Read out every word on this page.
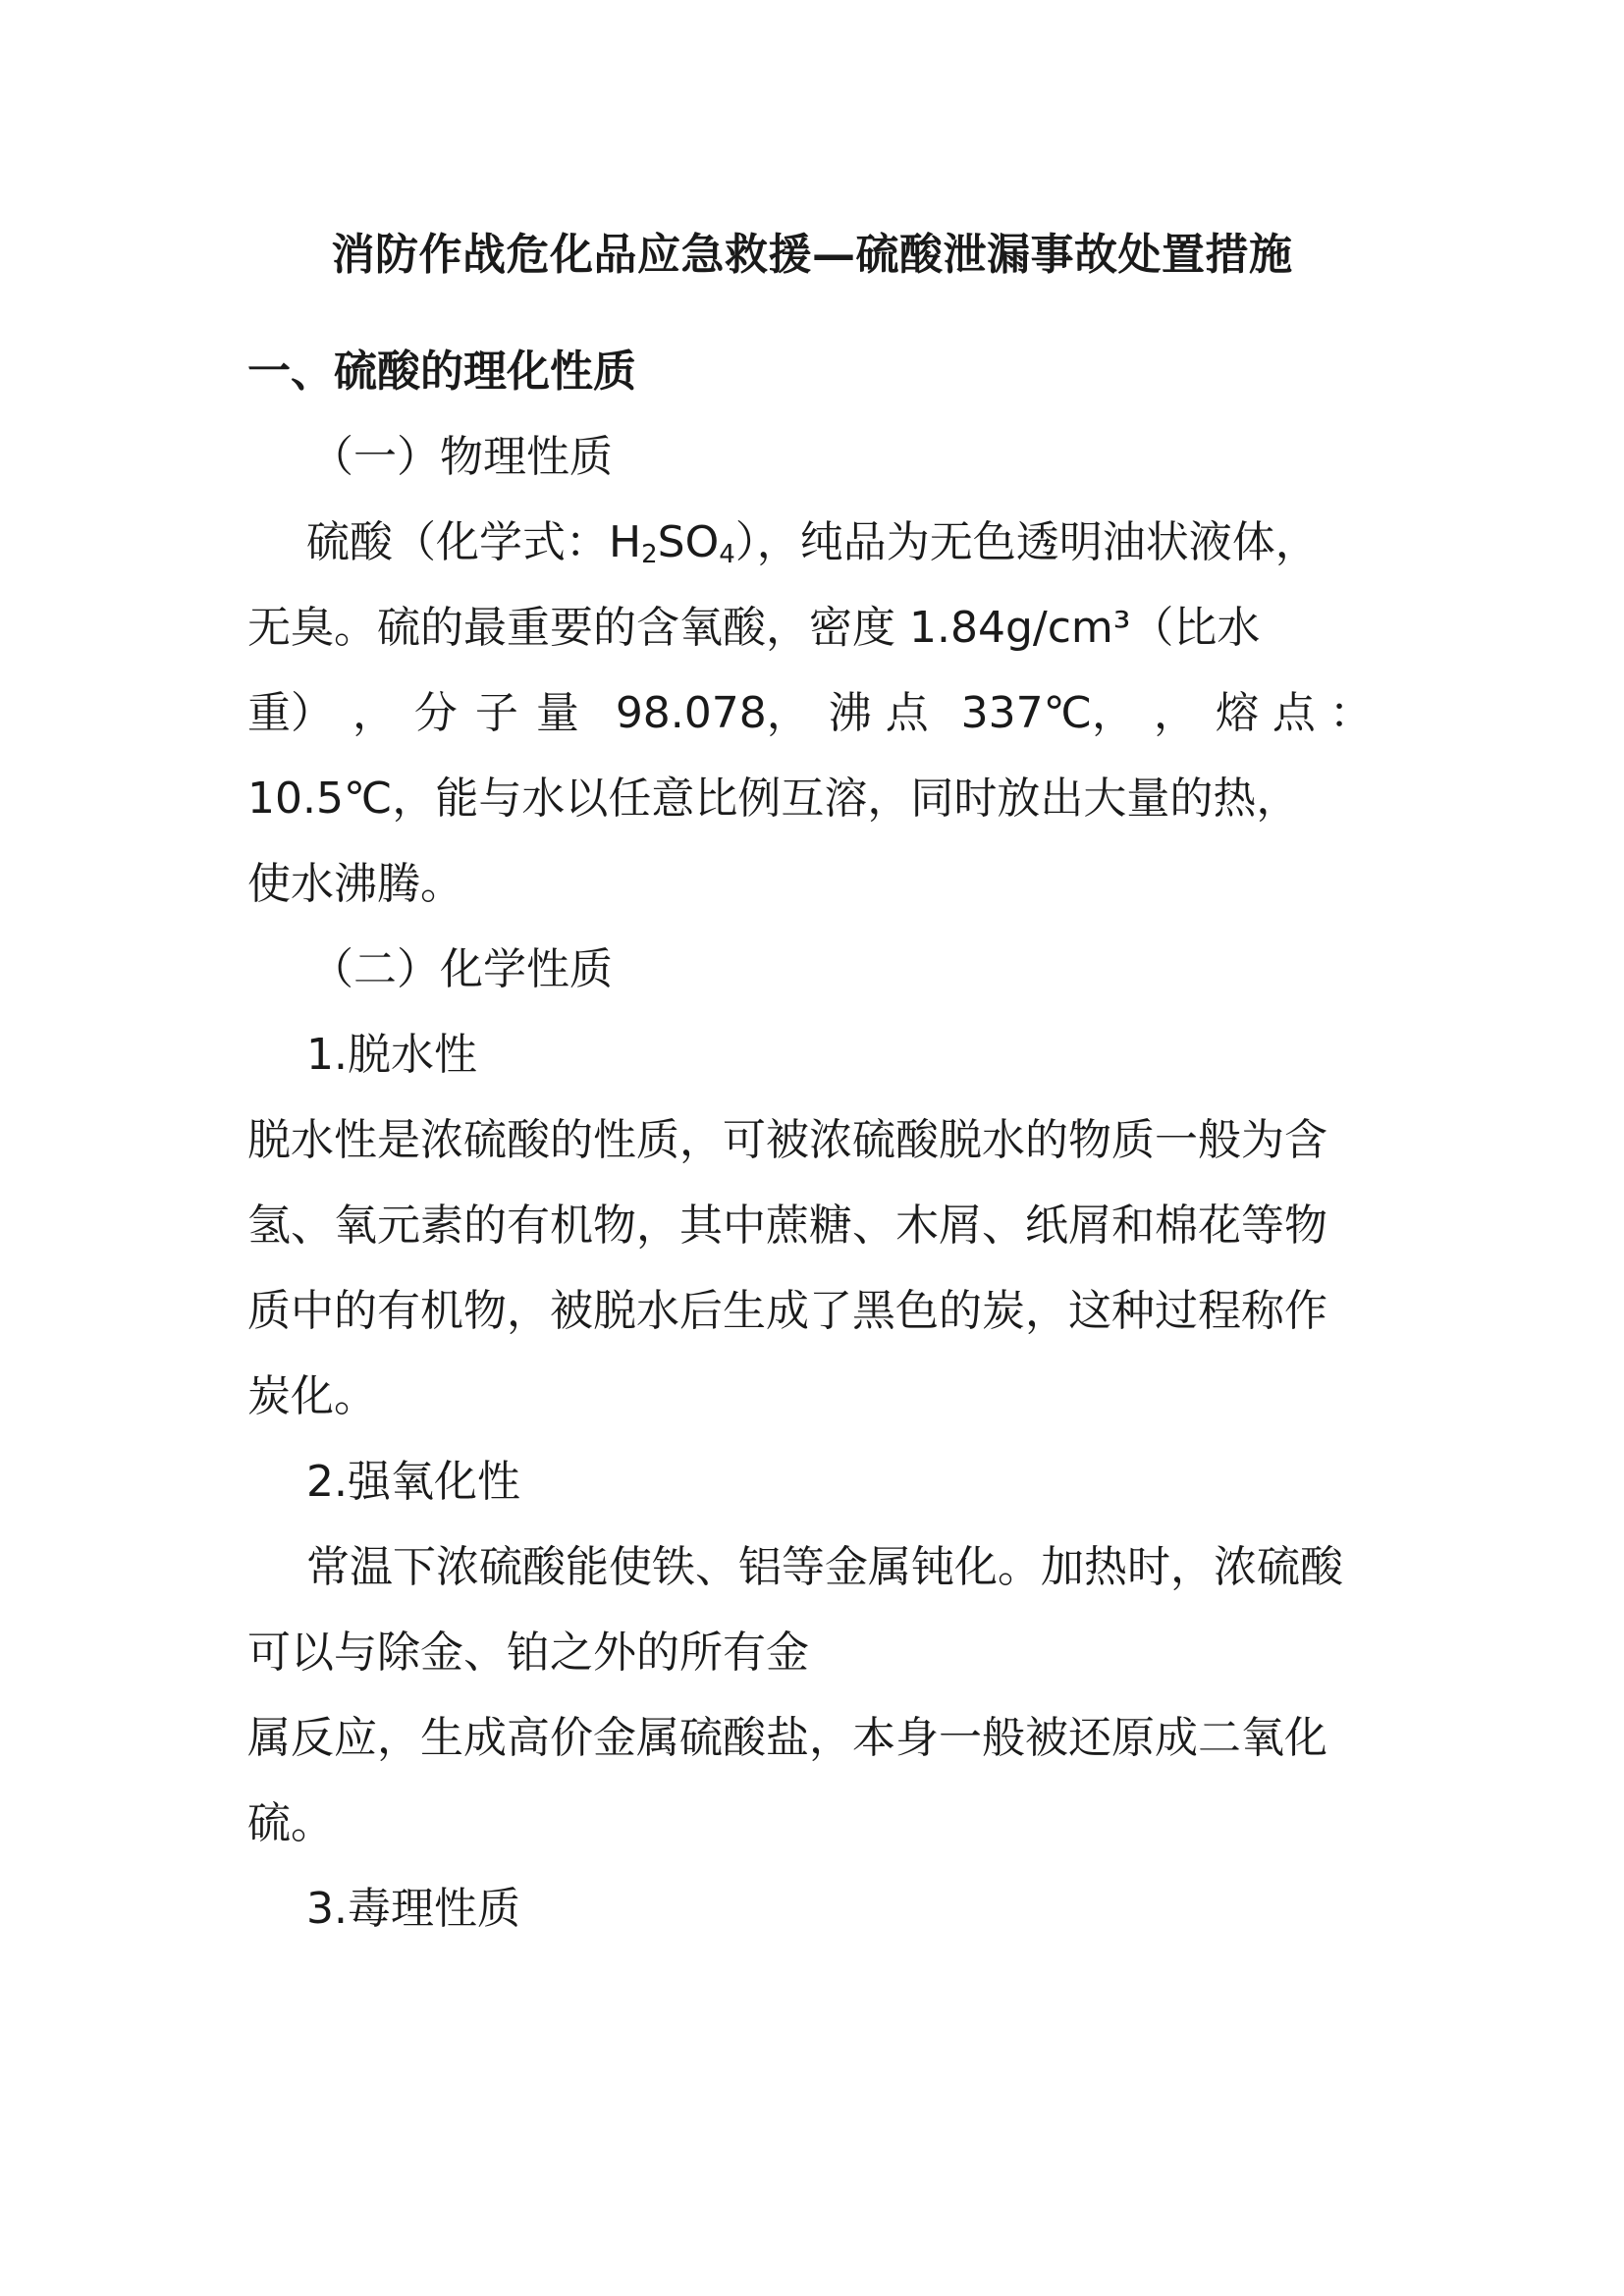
消防作战危化品应急救援—硫酸泄漏事故处置措施
一、硫酸的理化性质
（一）物理性质
硫酸（化学式：$H_2SO_4$），纯品为无色透明油状液体，
无臭。硫的最重要的含氧酸，密度 1.84g/cm³（比水
重） ， 分子量 98.078， 沸点 337℃， ， 熔点：
10.5℃，能与水以任意比例互溶，同时放出大量的热，
使水沸腾。
（二）化学性质
1.脱水性
脱水性是浓硫酸的性质，可被浓硫酸脱水的物质一般为含
氢、氧元素的有机物，其中蔗糖、木屑、纸屑和棉花等物
质中的有机物，被脱水后生成了黑色的炭，这种过程称作
炭化。
2.强氧化性
常温下浓硫酸能使铁、铝等金属钝化。加热时，浓硫酸
可以与除金、铂之外的所有金
属反应，生成高价金属硫酸盐，本身一般被还原成二氧化
硫。
3.毒理性质
